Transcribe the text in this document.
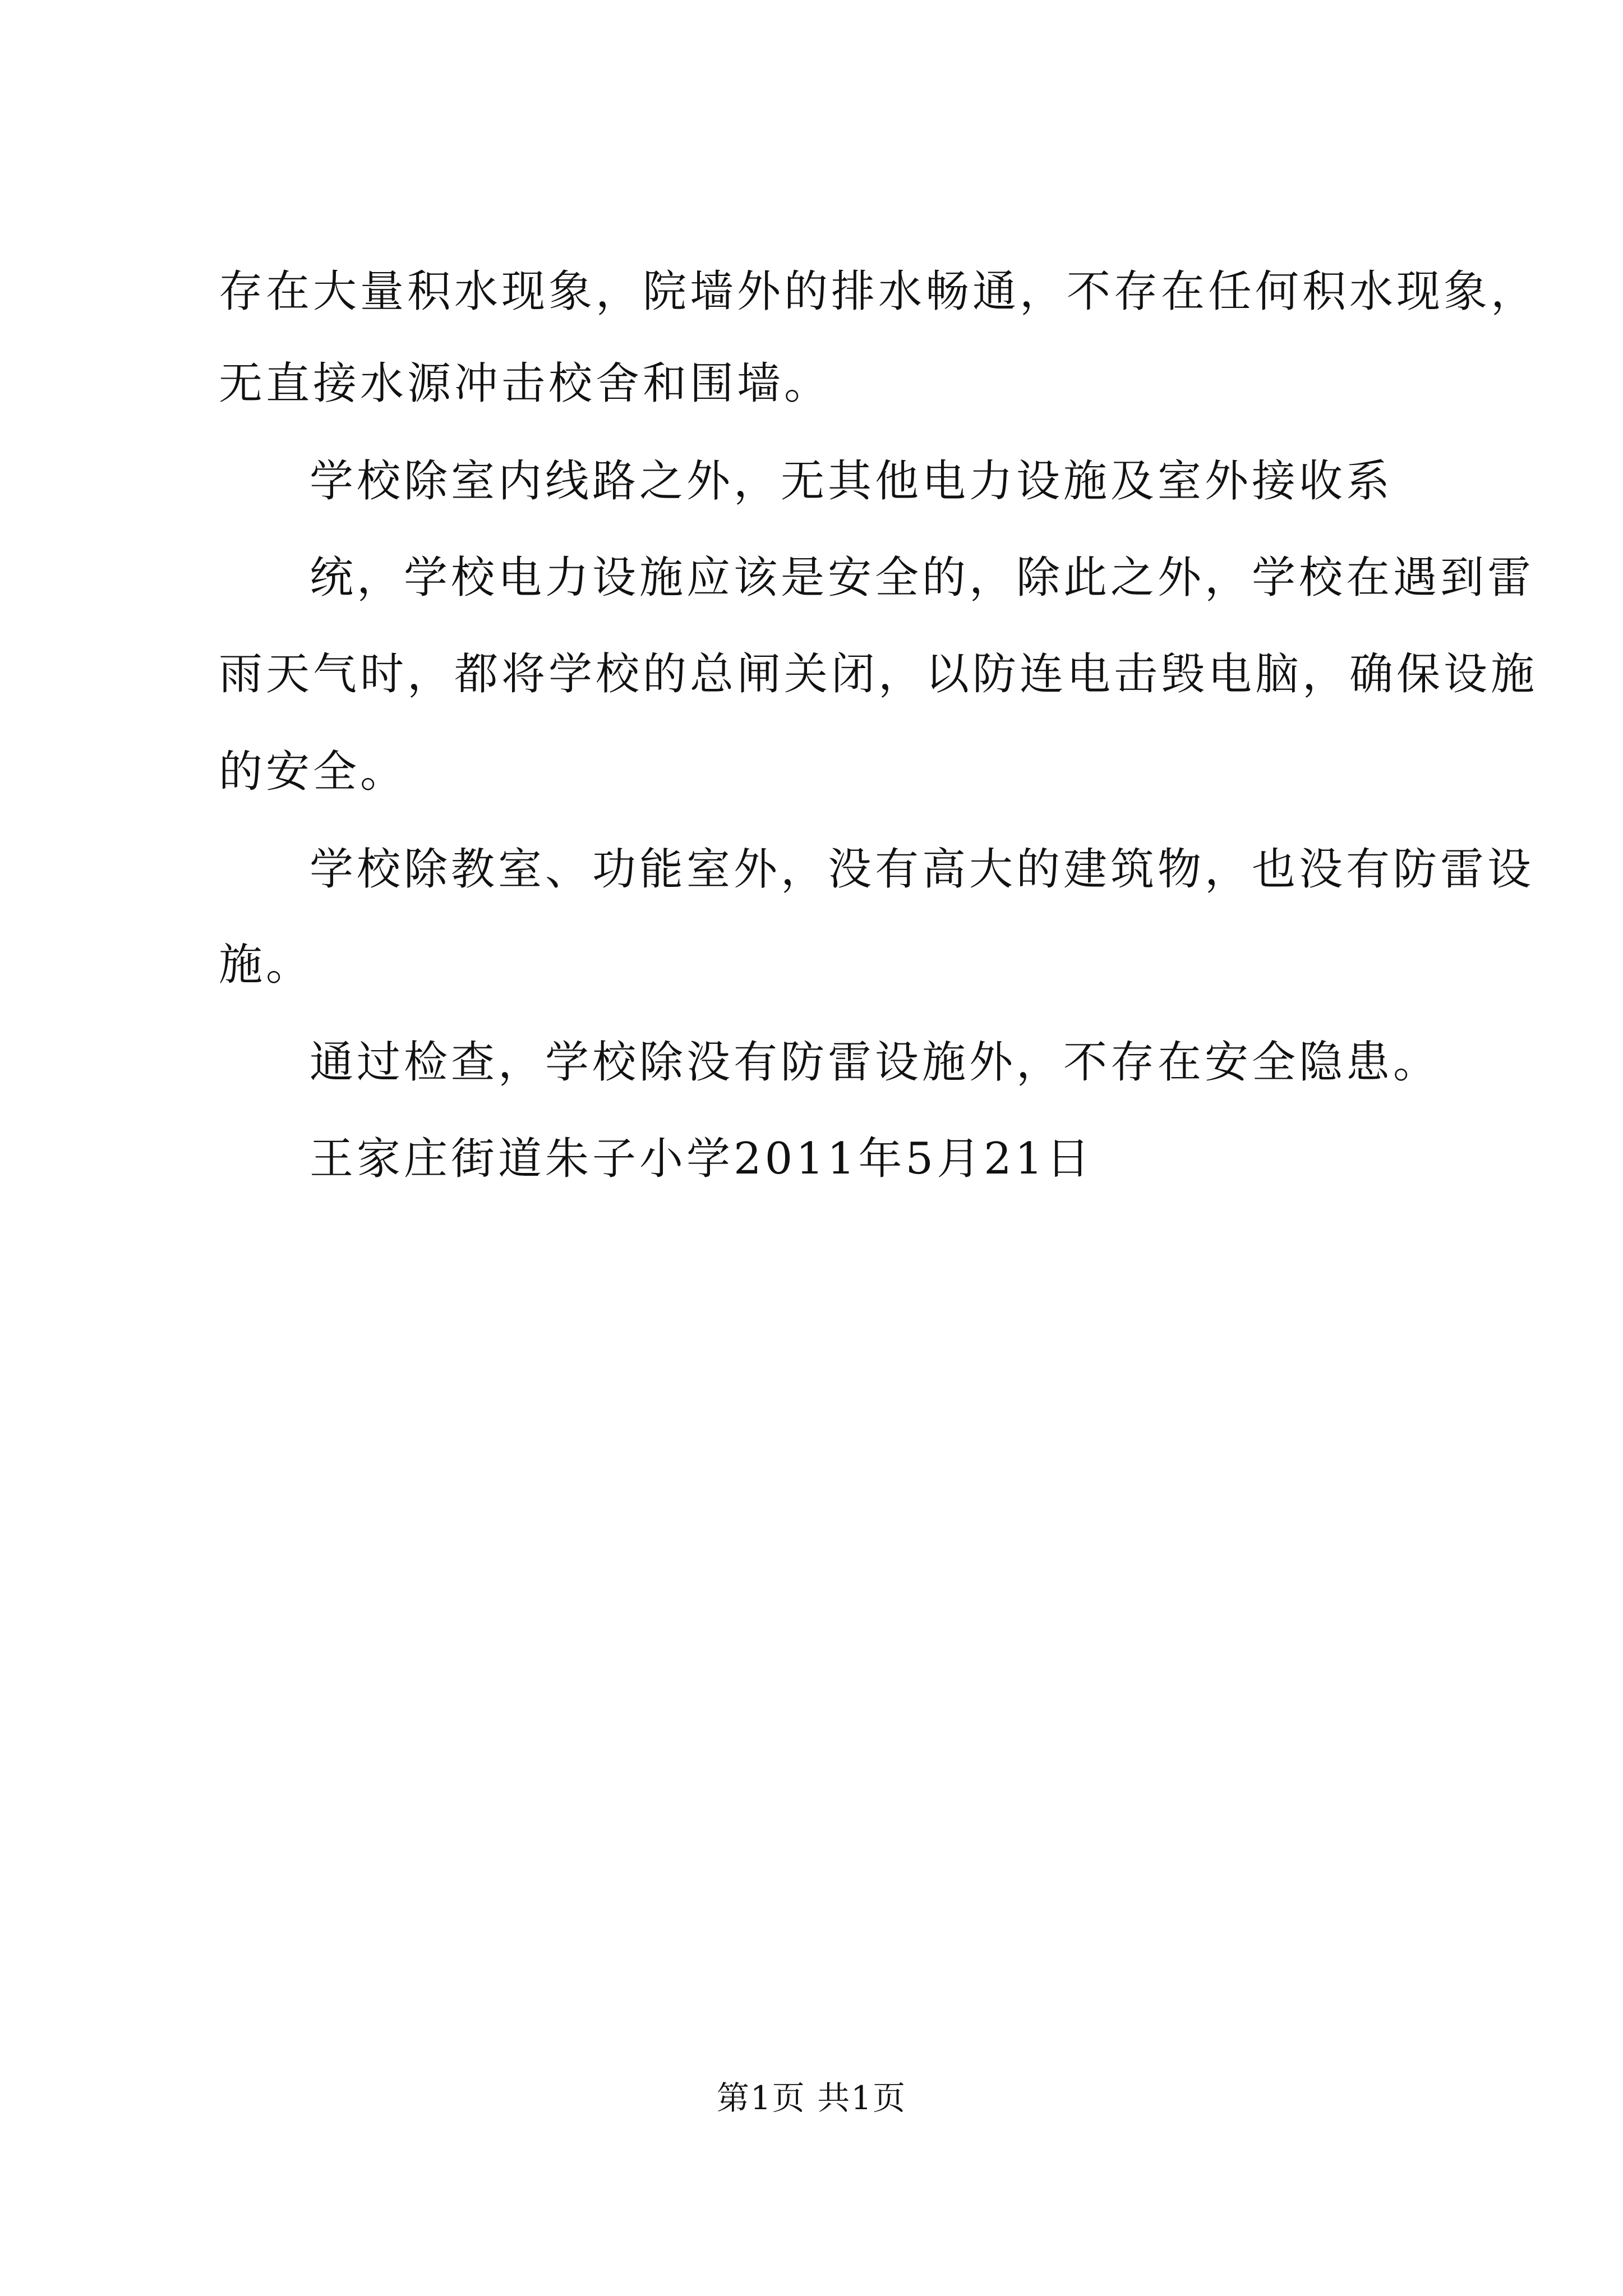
存在大量积水现象，院墙外的排水畅通，不存在任何积水现象，
无直接水源冲击校舍和围墙。
学校除室内线路之外，无其他电力设施及室外接收系
统，学校电力设施应该是安全的，除此之外，学校在遇到雷
雨天气时，都将学校的总闸关闭，以防连电击毁电脑，确保设施
的安全。
学校除教室、功能室外，没有高大的建筑物，也没有防雷设
施。
通过检查，学校除没有防雷设施外，不存在安全隐患。
王家庄街道朱子小学2011年5月21日
第1页 共1页
